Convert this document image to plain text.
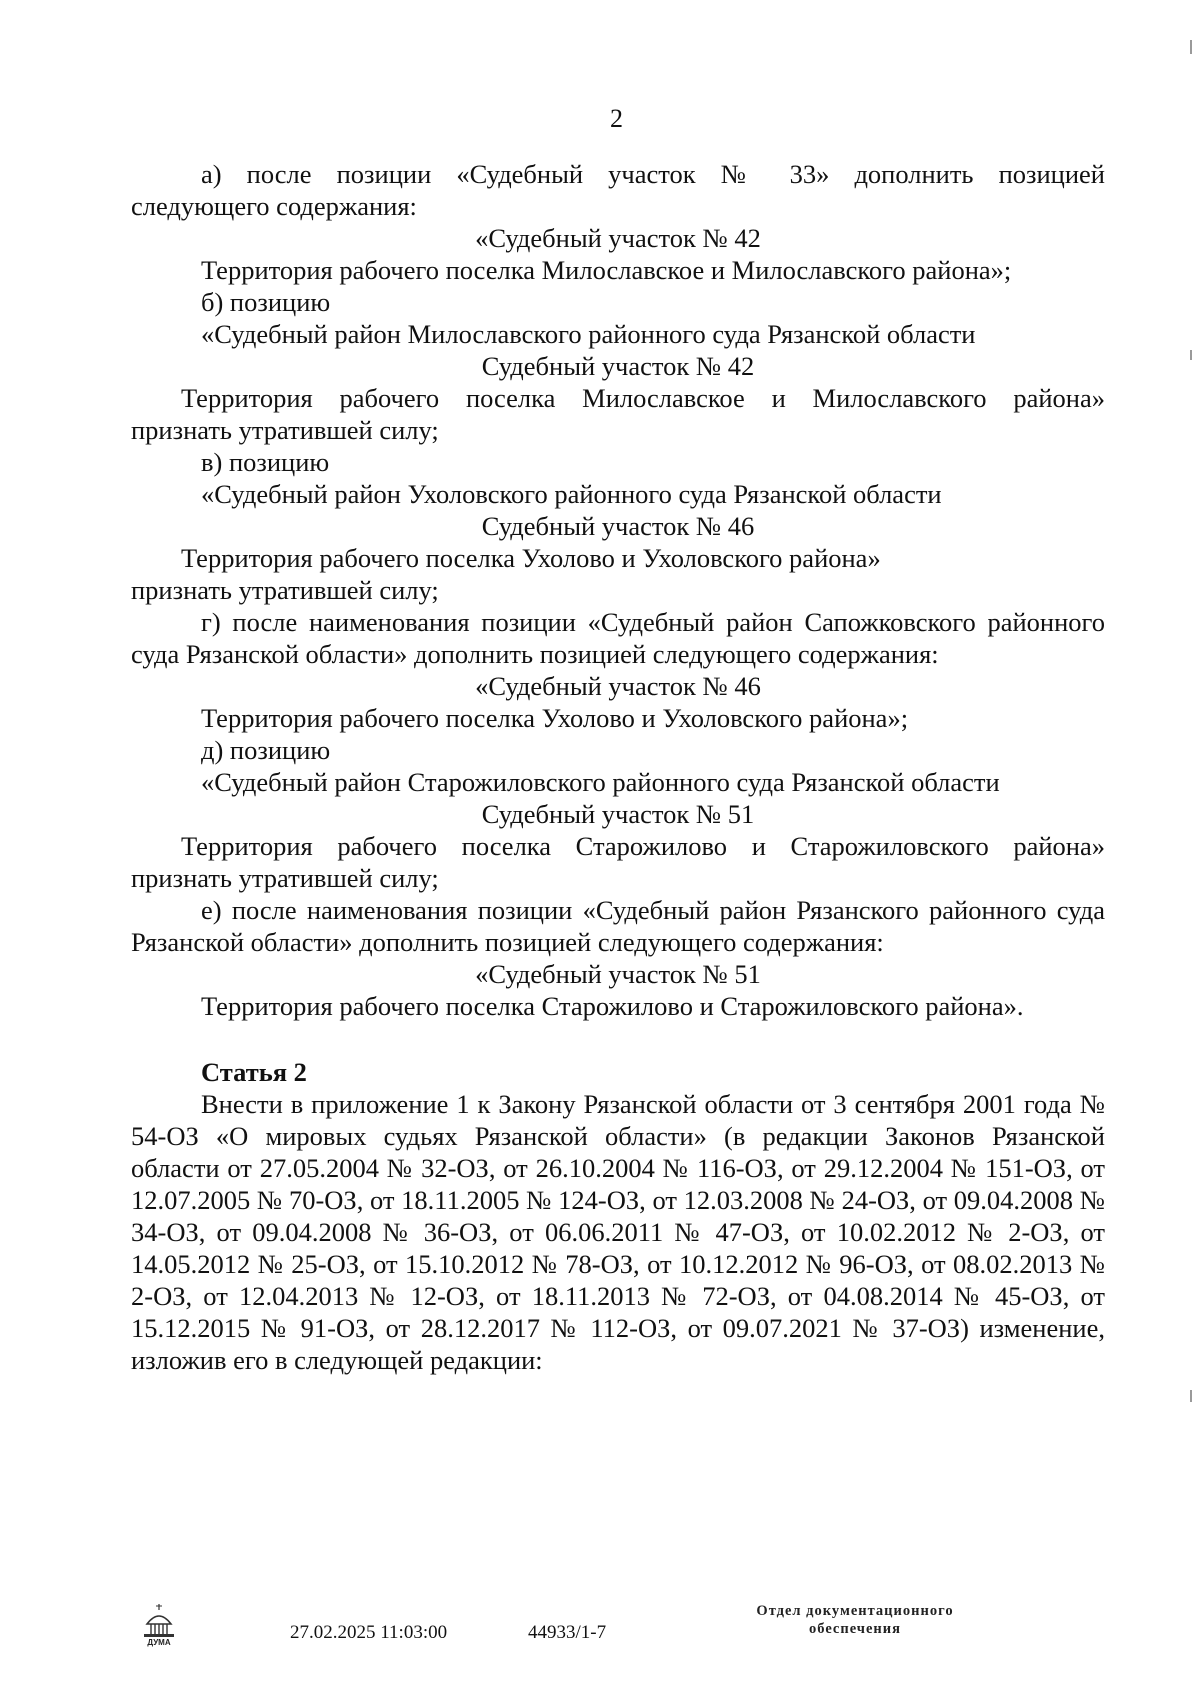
2

а) после позиции «Судебный участок № 33» дополнить позицией

следующего содержания:

«Судебный участок № 42

Территория рабочего поселка Милославское и Милославского района»;

б) позицию

«Судебный район Милославского районного суда Рязанской области

Судебный участок № 42

Территория рабочего поселка Милославское и Милославского района»

признать утратившей силу;

в) позицию

«Судебный район Ухоловского районного суда Рязанской области

Судебный участок № 46

Территория рабочего поселка Ухолово и Ухоловского района»

признать утратившей силу;

г) после наименования позиции «Судебный район Сапожковского районного суда Рязанской области» дополнить позицией следующего содержания:

«Судебный участок № 46

Территория рабочего поселка Ухолово и Ухоловского района»;

д) позицию

«Судебный район Старожиловского районного суда Рязанской области

Судебный участок № 51

Территория рабочего поселка Старожилово и Старожиловского района»

признать утратившей силу;

е) после наименования позиции «Судебный район Рязанского районного суда Рязанской области» дополнить позицией следующего содержания:

«Судебный участок № 51

Территория рабочего поселка Старожилово и Старожиловского района».

Статья 2

Внести в приложение 1 к Закону Рязанской области от 3 сентября 2001 года № 54-ОЗ «О мировых судьях Рязанской области» (в редакции Законов Рязанской области от 27.05.2004 № 32-ОЗ, от 26.10.2004 № 116-ОЗ, от 29.12.2004 № 151-ОЗ, от 12.07.2005 № 70-ОЗ, от 18.11.2005 № 124-ОЗ, от 12.03.2008 № 24-ОЗ, от 09.04.2008 № 34-ОЗ, от 09.04.2008 № 36-ОЗ, от 06.06.2011 № 47-ОЗ, от 10.02.2012 № 2-ОЗ, от 14.05.2012 № 25-ОЗ, от 15.10.2012 № 78-ОЗ, от 10.12.2012 № 96-ОЗ, от 08.02.2013 № 2-ОЗ, от 12.04.2013 № 12-ОЗ, от 18.11.2013 № 72-ОЗ, от 04.08.2014 № 45-ОЗ, от 15.12.2015 № 91-ОЗ, от 28.12.2017 № 112-ОЗ, от 09.07.2021 № 37-ОЗ) изменение, изложив его в следующей редакции:

ДУМА	27.02.2025 11:03:00	44933/1-7
Отдел документационного
обеспечения
